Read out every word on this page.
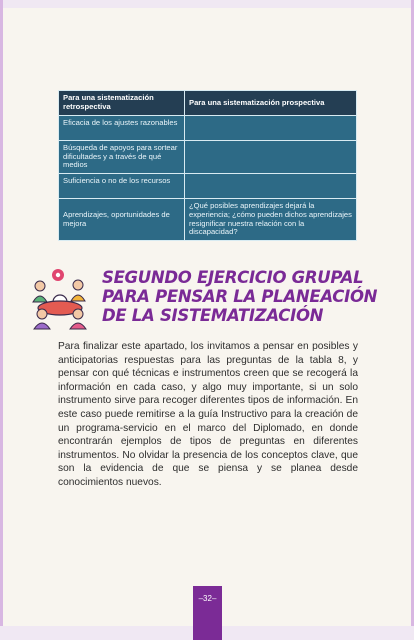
Para una sistematización retrospectiva	Para una sistematización prospectiva
Eficacia de los ajustes razonables	
Búsqueda de apoyos para sortear dificultades y a través de qué medios	
Suficiencia o no de los recursos	
Aprendizajes, oportunidades de mejora	¿Qué posibles aprendizajes dejará la experiencia; ¿cómo pueden dichos aprendizajes resignificar nuestra relación con la discapacidad?
SEGUNDO EJERCICIO GRUPAL
PARA PENSAR LA PLANEACIÓN
DE LA SISTEMATIZACIÓN

Para finalizar este apartado, los invitamos a pensar en posibles y anticipatorias respuestas para las preguntas de la tabla 8, y pensar con qué técnicas e instrumentos creen que se recogerá la información en cada caso, y algo muy importante, si un solo instrumento sirve para recoger diferentes tipos de información. En este caso puede remitirse a la guía Instructivo para la creación de un programa-servicio en el marco del Diplomado, en donde encontrarán ejemplos de tipos de preguntas en diferentes instrumentos. No olvidar la presencia de los conceptos clave, que son la evidencia de que se piensa y se planea desde conocimientos nuevos.

–32–
